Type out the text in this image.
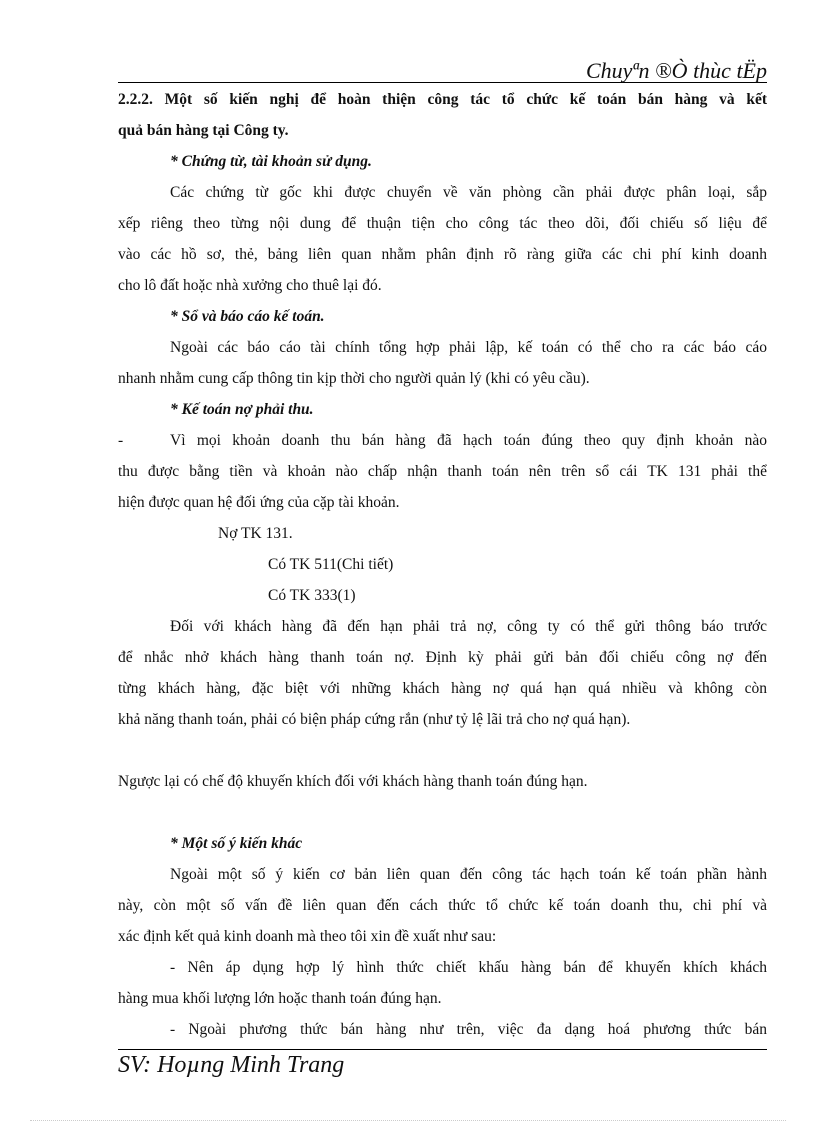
Chuyªn ®Ò thùc tËp
2.2.2. Một số kiến nghị để hoàn thiện công tác tổ chức kế toán bán hàng và kết
quả bán hàng tại Công ty.
* Chứng từ, tài khoản sử dụng.
Các chứng từ gốc khi được chuyển về văn phòng cần phải được phân loại, sắp
xếp riêng theo từng nội dung để thuận tiện cho công tác theo dõi, đối chiếu số liệu để
vào các hồ sơ, thẻ, bảng liên quan nhằm phân định rõ ràng giữa các chi phí kinh doanh
cho lô đất hoặc nhà xưởng cho thuê lại đó.
* Sổ và báo cáo kế toán.
Ngoài các báo cáo tài chính tổng hợp phải lập, kế toán có thể cho ra các báo cáo
nhanh nhằm cung cấp thông tin kịp thời cho người quản lý (khi có yêu cầu).
* Kế toán nợ phải thu.
-	Vì mọi khoản doanh thu bán hàng đã hạch toán đúng theo quy định khoản nào
thu được bằng tiền và khoản nào chấp nhận thanh toán nên trên sổ cái TK 131 phải thể
hiện được quan hệ đối ứng của cặp tài khoản.
Nợ TK 131.
Có TK 511(Chi tiết)
Có TK 333(1)
Đối với khách hàng đã đến hạn phải trả nợ, công ty có thể gửi thông báo trước
để nhắc nhở khách hàng thanh toán nợ. Định kỳ phải gửi bản đối chiếu công nợ đến
từng khách hàng, đặc biệt với những khách hàng nợ quá hạn quá nhiều và không còn
khả năng thanh toán, phải có biện pháp cứng rắn (như tỷ lệ lãi trả cho nợ quá hạn).
Ngược lại có chế độ khuyến khích đối với khách hàng thanh toán đúng hạn.
* Một số ý kiến khác
Ngoài một số ý kiến cơ bản liên quan đến công tác hạch toán kế toán phần hành
này, còn một số vấn đề liên quan đến cách thức tổ chức kế toán doanh thu, chi phí và
xác định kết quả kinh doanh mà theo tôi xin đề xuất như sau:
- Nên áp dụng hợp lý hình thức chiết khấu hàng bán để khuyến khích khách
hàng mua khối lượng lớn hoặc thanh toán đúng hạn.
- Ngoài phương thức bán hàng như trên, việc đa dạng hoá phương thức bán
SV: Hoµng Minh Trang
